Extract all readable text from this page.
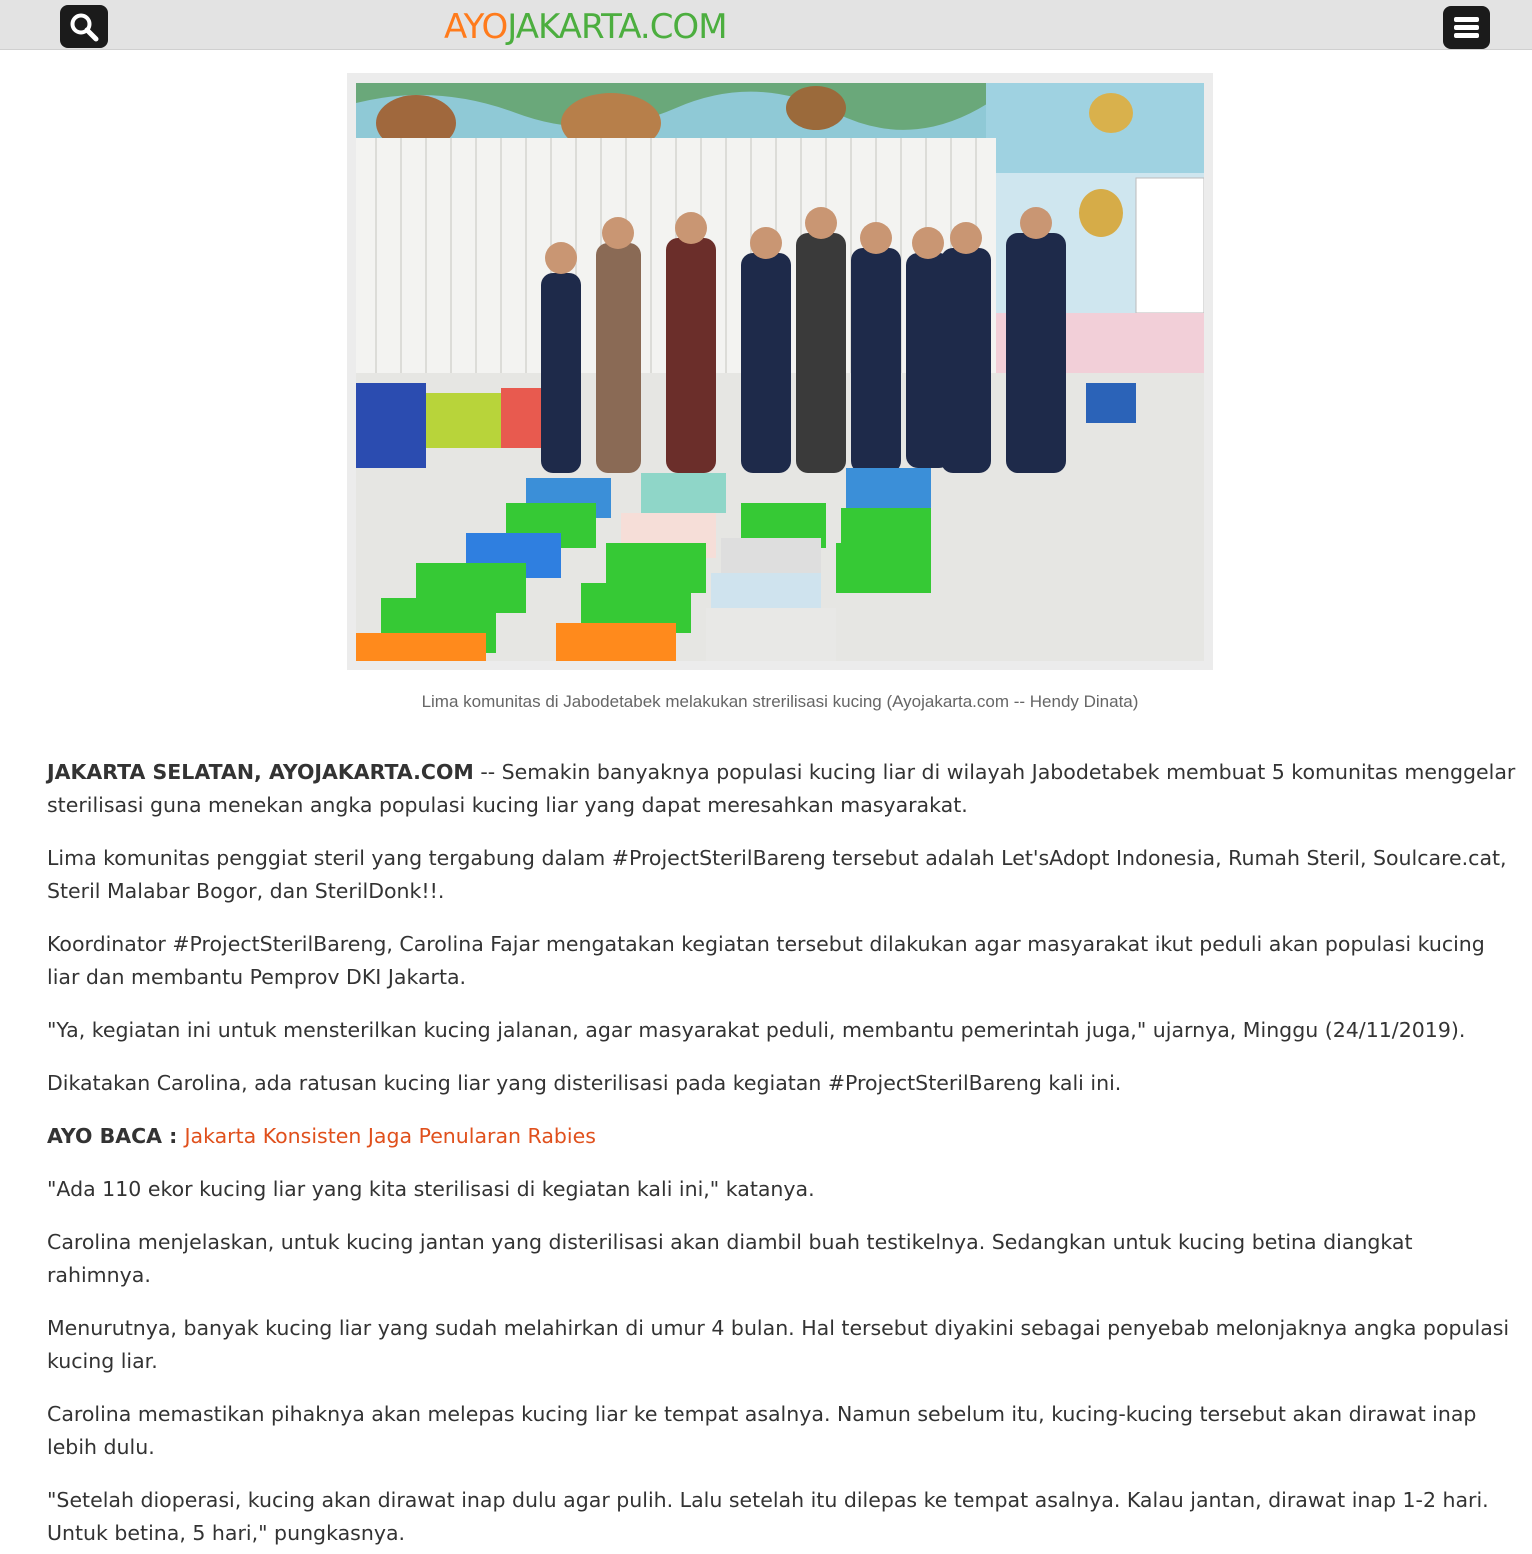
AYOJAKARTA.COM
Lima komunitas di Jabodetabek melakukan strerilisasi kucing (Ayojakarta.com -- Hendy Dinata)

JAKARTA SELATAN, AYOJAKARTA.COM -- Semakin banyaknya populasi kucing liar di wilayah Jabodetabek membuat 5 komunitas menggelar sterilisasi guna menekan angka populasi kucing liar yang dapat meresahkan masyarakat.

Lima komunitas penggiat steril yang tergabung dalam #ProjectSterilBareng tersebut adalah Let'sAdopt Indonesia, Rumah Steril, Soulcare.cat, Steril Malabar Bogor, dan SterilDonk!!.

Koordinator #ProjectSterilBareng, Carolina Fajar mengatakan kegiatan tersebut dilakukan agar masyarakat ikut peduli akan populasi kucing liar dan membantu Pemprov DKI Jakarta.

"Ya, kegiatan ini untuk mensterilkan kucing jalanan, agar masyarakat peduli, membantu pemerintah juga," ujarnya, Minggu (24/11/2019).

Dikatakan Carolina, ada ratusan kucing liar yang disterilisasi pada kegiatan #ProjectSterilBareng kali ini.

AYO BACA : Jakarta Konsisten Jaga Penularan Rabies

"Ada 110 ekor kucing liar yang kita sterilisasi di kegiatan kali ini," katanya.

Carolina menjelaskan, untuk kucing jantan yang disterilisasi akan diambil buah testikelnya. Sedangkan untuk kucing betina diangkat rahimnya.

Menurutnya, banyak kucing liar yang sudah melahirkan di umur 4 bulan. Hal tersebut diyakini sebagai penyebab melonjaknya angka populasi kucing liar.

Carolina memastikan pihaknya akan melepas kucing liar ke tempat asalnya. Namun sebelum itu, kucing-kucing tersebut akan dirawat inap lebih dulu.

"Setelah dioperasi, kucing akan dirawat inap dulu agar pulih. Lalu setelah itu dilepas ke tempat asalnya. Kalau jantan, dirawat inap 1-2 hari. Untuk betina, 5 hari," pungkasnya.
